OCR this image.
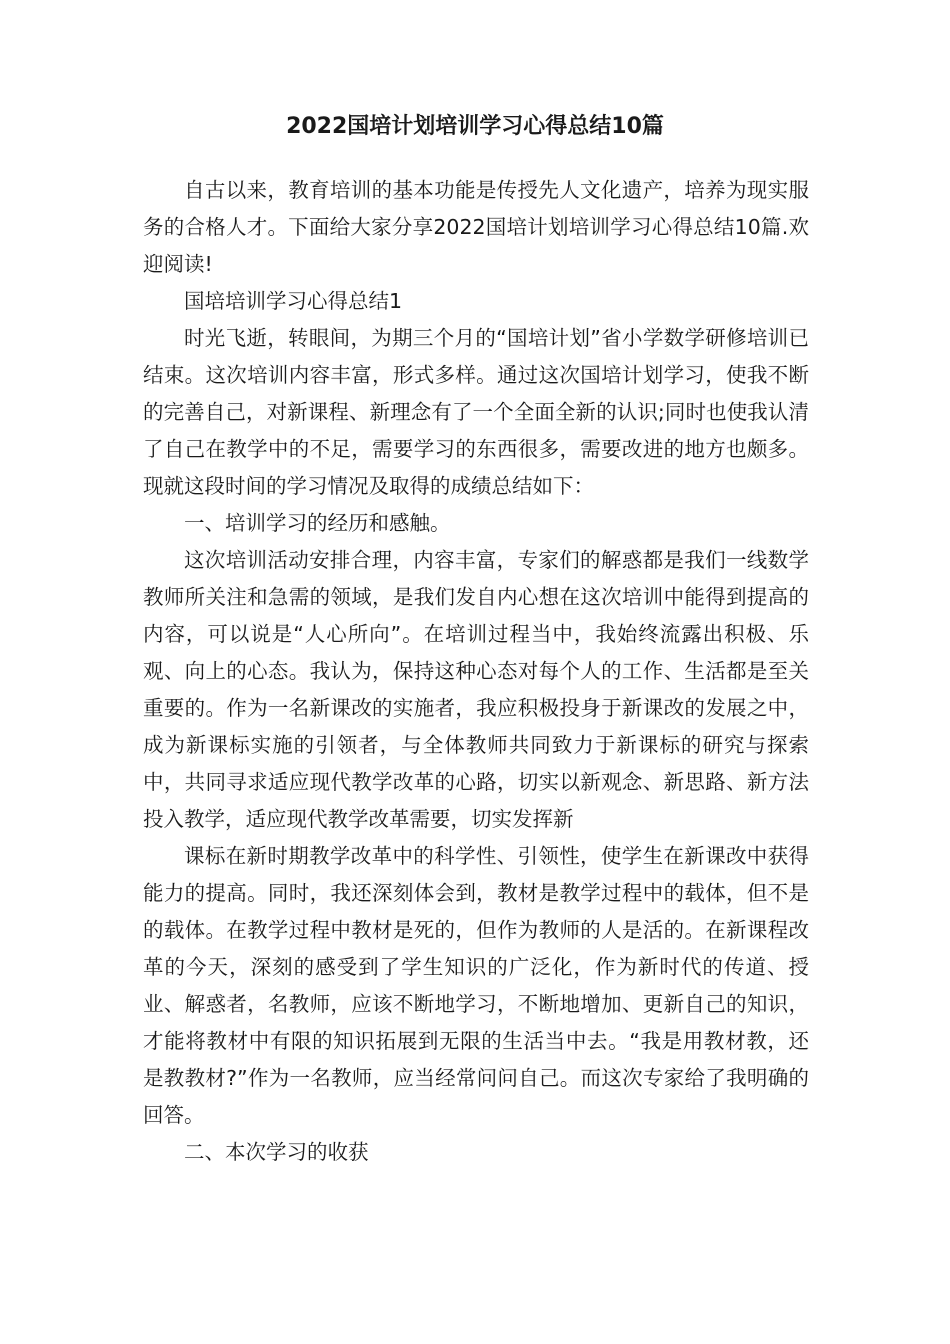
2022国培计划培训学习心得总结10篇

自古以来，教育培训的基本功能是传授先人文化遗产，培养为现实服务的合格人才。下面给大家分享2022国培计划培训学习心得总结10篇.欢迎阅读!

国培培训学习心得总结1

时光飞逝，转眼间，为期三个月的“国培计划”省小学数学研修培训已结束。这次培训内容丰富，形式多样。通过这次国培计划学习，使我不断的完善自己，对新课程、新理念有了一个全面全新的认识;同时也使我认清了自己在教学中的不足，需要学习的东西很多，需要改进的地方也颇多。现就这段时间的学习情况及取得的成绩总结如下：

一、培训学习的经历和感触。

这次培训活动安排合理，内容丰富，专家们的解惑都是我们一线数学教师所关注和急需的领域，是我们发自内心想在这次培训中能得到提高的内容，可以说是“人心所向”。在培训过程当中，我始终流露出积极、乐观、向上的心态。我认为，保持这种心态对每个人的工作、生活都是至关重要的。作为一名新课改的实施者，我应积极投身于新课改的发展之中，成为新课标实施的引领者，与全体教师共同致力于新课标的研究与探索中，共同寻求适应现代教学改革的心路，切实以新观念、新思路、新方法投入教学，适应现代教学改革需要，切实发挥新

课标在新时期教学改革中的科学性、引领性，使学生在新课改中获得能力的提高。同时，我还深刻体会到，教材是教学过程中的载体，但不是的载体。在教学过程中教材是死的，但作为教师的人是活的。在新课程改革的今天，深刻的感受到了学生知识的广泛化，作为新时代的传道、授业、解惑者，名教师，应该不断地学习，不断地增加、更新自己的知识，才能将教材中有限的知识拓展到无限的生活当中去。“我是用教材教，还是教教材?”作为一名教师，应当经常问问自己。而这次专家给了我明确的回答。

二、本次学习的收获
